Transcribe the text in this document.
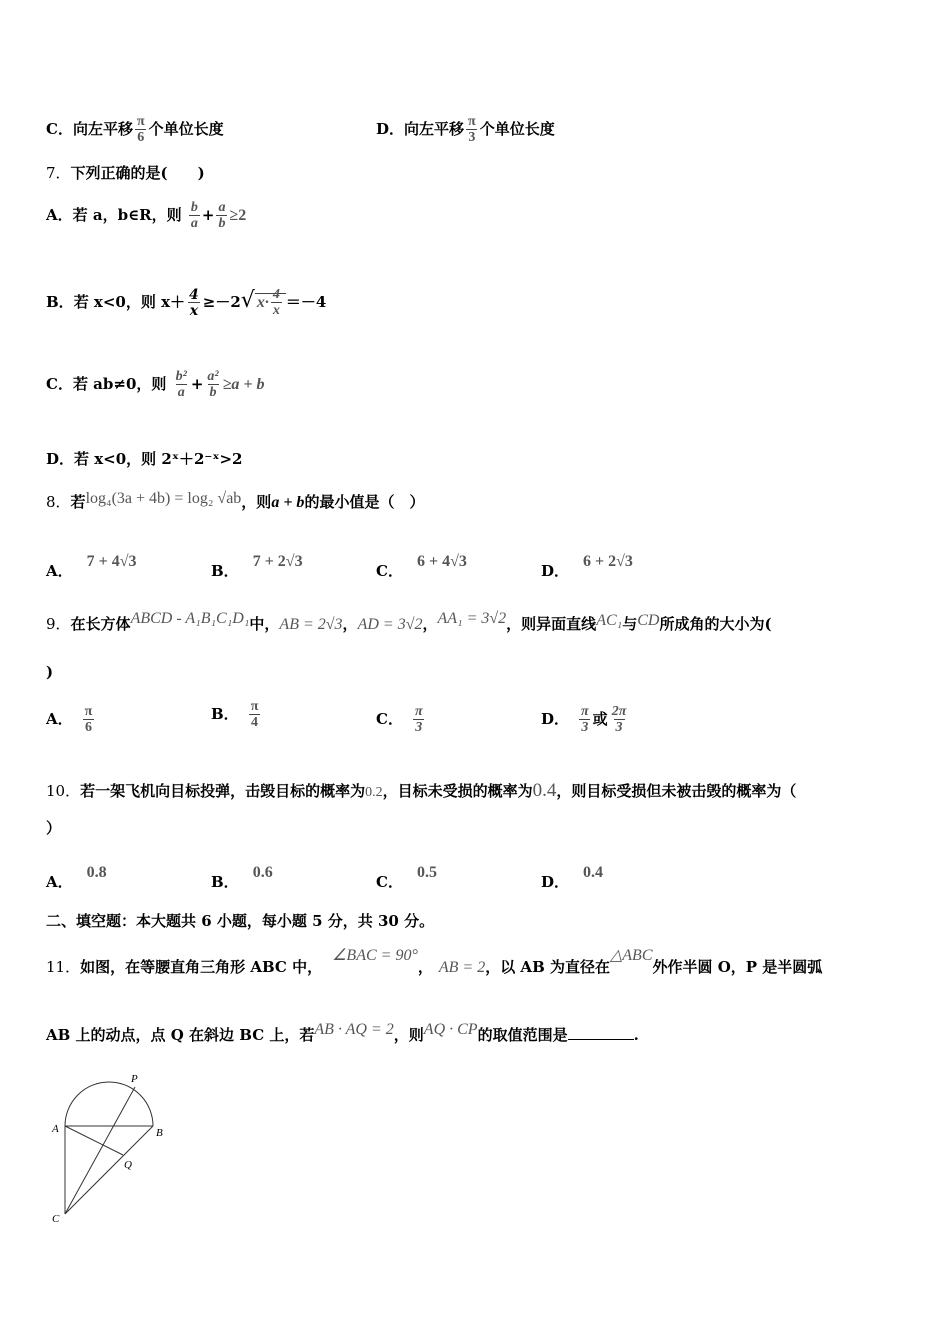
C．向左平移 $\frac{\pi}{6}$ 个单位长度	D．向左平移 $\frac{\pi}{3}$ 个单位长度
7．下列正确的是(　　)
A．若 a，b∈R，则 $\frac{b}{a} + \frac{a}{b} \ge 2$
B．若 x<0，则 $x+ \frac{4}{x} \ge-2√$ $x\cdot \frac{4}{x} =-4$
C．若 ab≠0，则 $\frac{\text{b²}}{a} + \frac{\text{a²}}{b} \ge a + b$
D．若 x<0，则 2ˣ＋2⁻ˣ>2
8．若log₄(3a + 4b) = log₂ √ab，则a + b的最小值是（　）
A．7 + 4√3
B．7 + 2√3
C．6 + 4√3
D．6 + 2√3
9．在长方体ABCD - A₁B₁C₁D₁中，AB = 2√3，AD = 3√2，AA₁ = 3√2，则异面直线AC₁与CD所成角的大小为(
)
A． $\frac{\pi}{6}$	B． $\frac{\pi}{4}$	C． $\frac{\pi}{3}$	D． $\frac{\pi}{3}$ 或 $\frac{2\pi}{3}$
10．若一架飞机向目标投弹，击毁目标的概率为0.2，目标未受损的概率为0.4，则目标受损但未被击毁的概率为（
）
A．0.8
B．0.6
C．0.5
D．0.4
二、填空题：本大题共 6 小题，每小题 5 分，共 30 分。
11．如图，在等腰直角三角形 ABC 中，∠BAC = 90°， AB = 2，以 AB 为直径在△ABC外作半圆 O，P 是半圆弧
AB 上的动点，点 Q 在斜边 BC 上，若AB · AQ = 2，则AQ · CP的取值范围是	.
A	B
C
P
Q
